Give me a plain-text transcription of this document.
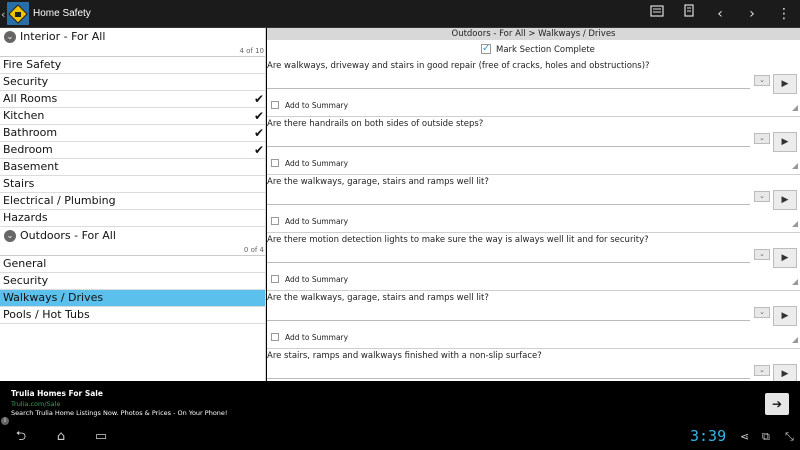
‹	Home Safety	‹	›	⋮
⌄ Interior - For All
4 of 10
Fire Safety
Security
All Rooms	✔
Kitchen	✔
Bathroom	✔
Bedroom	✔
Basement
Stairs
Electrical / Plumbing
Hazards
⌄ Outdoors - For All
0 of 4
General
Security
Walkways / Drives
Pools / Hot Tubs
Outdoors - For All > Walkways / Drives
✓ Mark Section Complete
Are walkways, driveway and stairs in good repair (free of cracks, holes and obstructions)?
⌄	▶
Add to Summary
Are there handrails on both sides of outside steps?
⌄	▶
Add to Summary
Are the walkways, garage, stairs and ramps well lit?
⌄	▶
Add to Summary
Are there motion detection lights to make sure the way is always well lit and for security?
⌄	▶
Add to Summary
Are the walkways, garage, stairs and ramps well lit?
⌄	▶
Add to Summary
Are stairs, ramps and walkways finished with a non-slip surface?
⌄	▶
Trulia Homes For Sale
Trulia.com/Sale
Search Trulia Home Listings Now. Photos & Prices - On Your Phone!
i
➔
⮌	⌂	▭	3:39 ⋖ ⧉ ⤡
